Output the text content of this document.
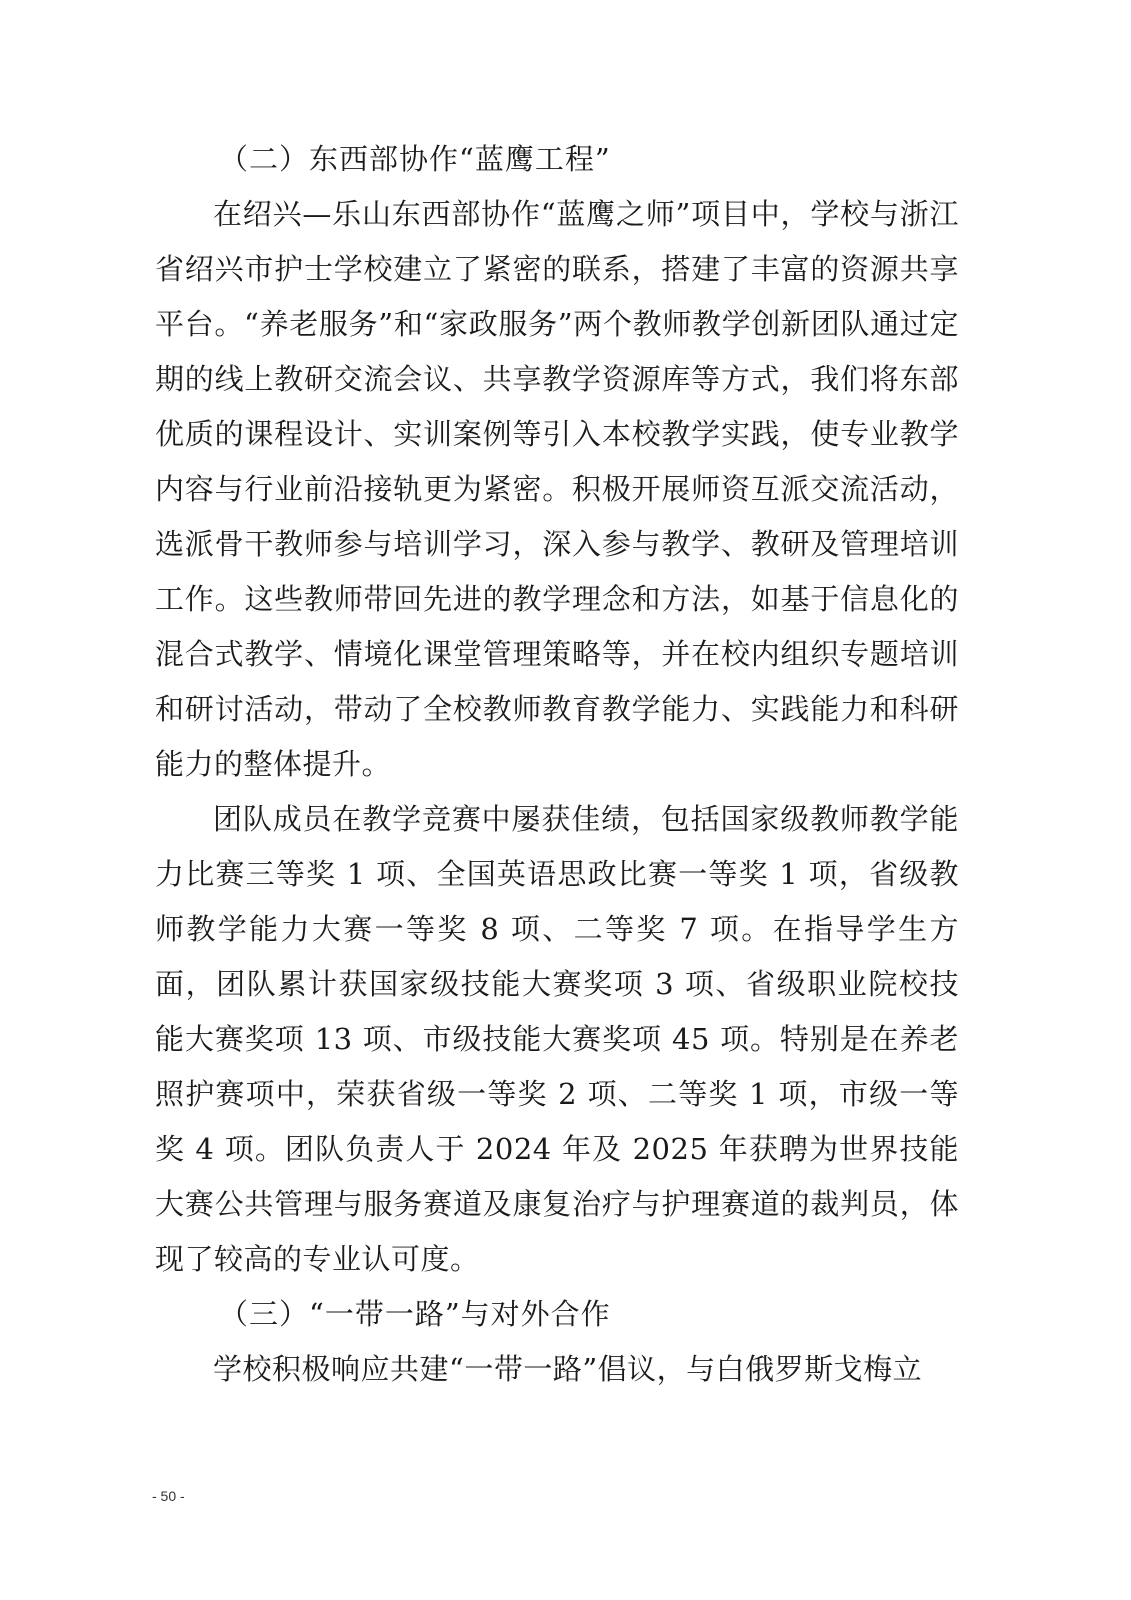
（二）东西部协作“蓝鹰工程”

在绍兴—乐山东西部协作“蓝鹰之师”项目中，学校与浙江省绍兴市护士学校建立了紧密的联系，搭建了丰富的资源共享平台。“养老服务”和“家政服务”两个教师教学创新团队通过定期的线上教研交流会议、共享教学资源库等方式，我们将东部优质的课程设计、实训案例等引入本校教学实践，使专业教学内容与行业前沿接轨更为紧密。积极开展师资互派交流活动，选派骨干教师参与培训学习，深入参与教学、教研及管理培训工作。这些教师带回先进的教学理念和方法，如基于信息化的混合式教学、情境化课堂管理策略等，并在校内组织专题培训和研讨活动，带动了全校教师教育教学能力、实践能力和科研能力的整体提升。

团队成员在教学竞赛中屡获佳绩，包括国家级教师教学能力比赛三等奖 1 项、全国英语思政比赛一等奖 1 项，省级教师教学能力大赛一等奖 8 项、二等奖 7 项。在指导学生方面，团队累计获国家级技能大赛奖项 3 项、省级职业院校技能大赛奖项 13 项、市级技能大赛奖项 45 项。特别是在养老照护赛项中，荣获省级一等奖 2 项、二等奖 1 项，市级一等奖 4 项。团队负责人于 2024 年及 2025 年获聘为世界技能大赛公共管理与服务赛道及康复治疗与护理赛道的裁判员，体现了较高的专业认可度。

（三）“一带一路”与对外合作

学校积极响应共建“一带一路”倡议，与白俄罗斯戈梅立

- 50 -
